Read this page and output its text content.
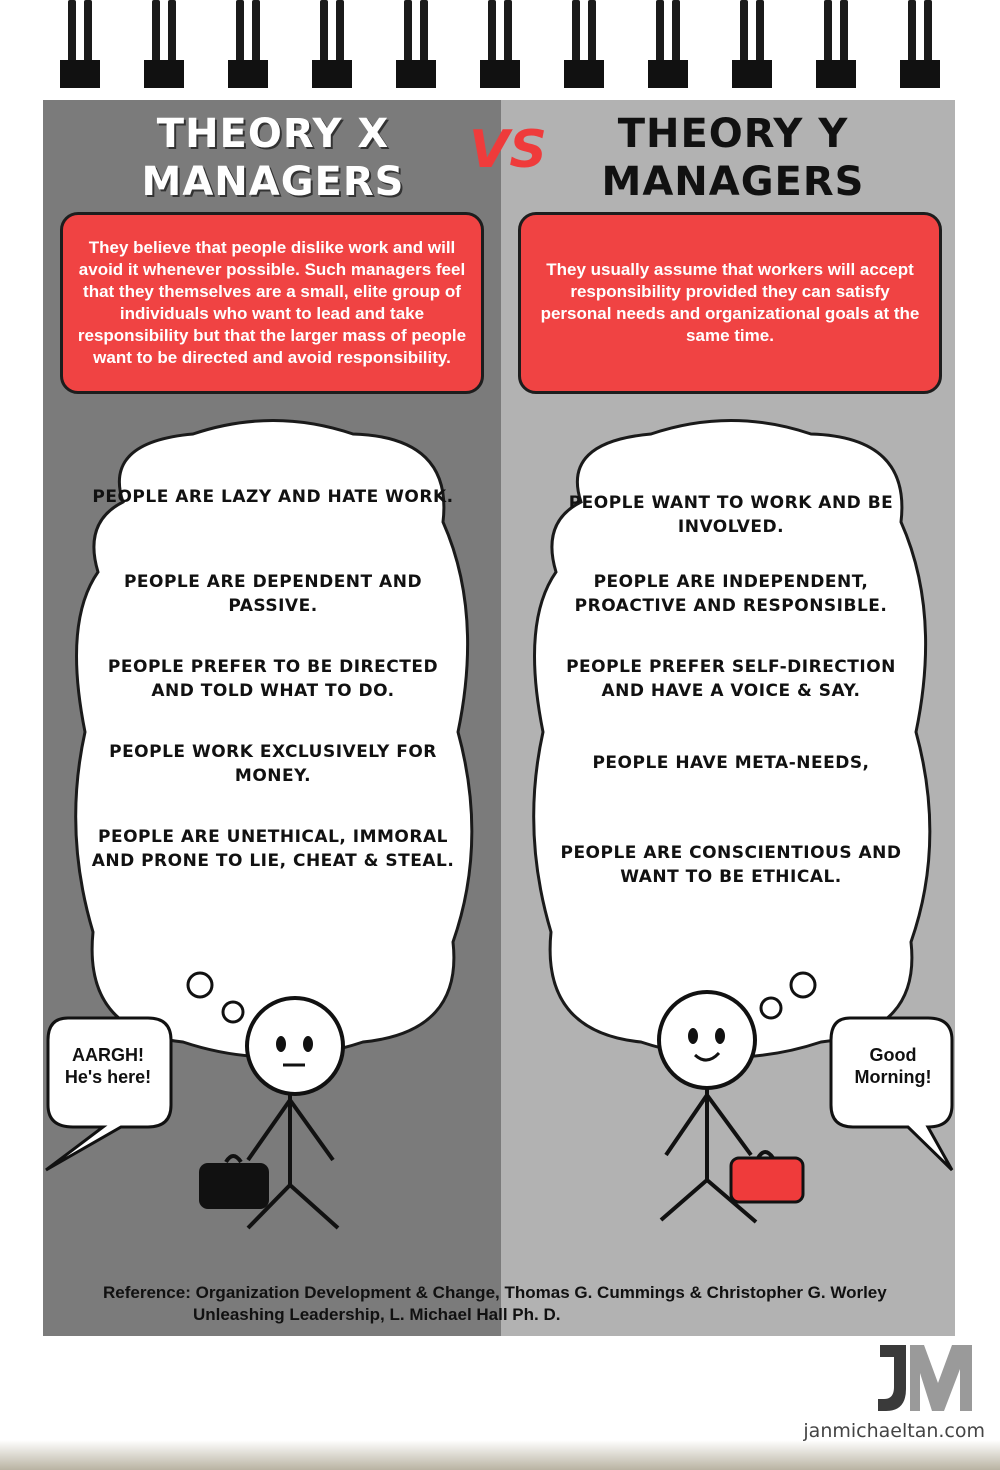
THEORY X
MANAGERS
VS	THEORY Y
MANAGERS
They believe that people dislike work and will avoid it whenever possible. Such managers feel that they themselves are a small, elite group of individuals who want to lead and take responsibility but that the larger mass of people want to be directed and avoid responsibility.
They usually assume that workers will accept responsibility provided they can satisfy personal needs and organizational goals at the same time.
PEOPLE ARE LAZY AND HATE WORK.
PEOPLE ARE DEPENDENT AND PASSIVE.
PEOPLE PREFER TO BE DIRECTED AND TOLD WHAT TO DO.
PEOPLE WORK EXCLUSIVELY FOR MONEY.
PEOPLE ARE UNETHICAL, IMMORAL AND PRONE TO LIE, CHEAT & STEAL.
PEOPLE WANT TO WORK AND BE INVOLVED.
PEOPLE ARE INDEPENDENT, PROACTIVE AND RESPONSIBLE.
PEOPLE PREFER SELF-DIRECTION AND HAVE A VOICE & SAY.
PEOPLE HAVE META-NEEDS,
PEOPLE ARE CONSCIENTIOUS AND WANT TO BE ETHICAL.
AARGH!
He's here!
Good
Morning!
Reference: Organization Development & Change, Thomas G. Cummings & Christopher G. Worley
Unleashing Leadership, L. Michael Hall Ph. D.
janmichaeltan.com
